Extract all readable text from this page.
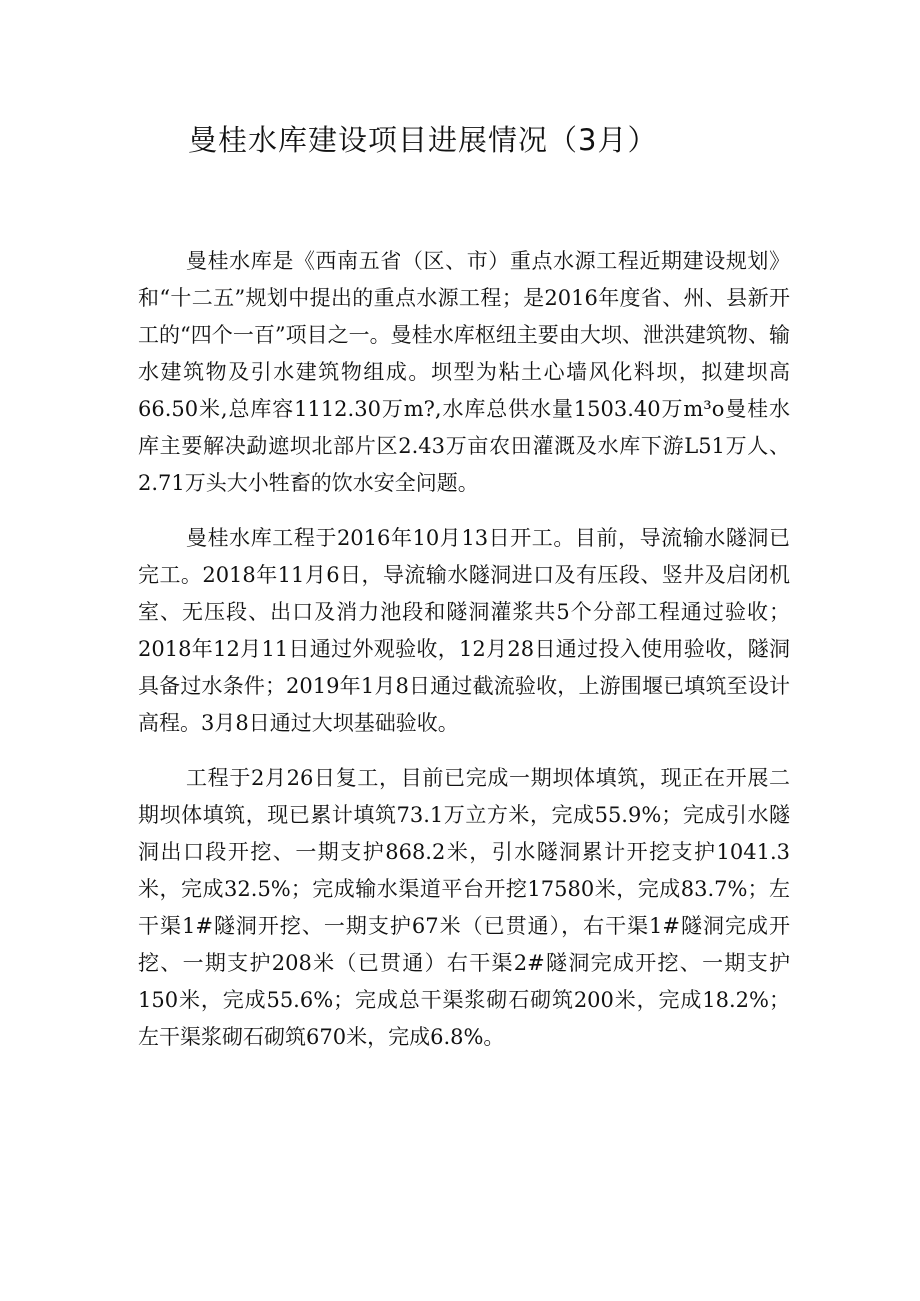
曼桂水库建设项目进展情况（3月）

曼桂水库是《西南五省（区、市）重点水源工程近期建设规划》和“十二五”规划中提出的重点水源工程；是2016年度省、州、县新开工的“四个一百”项目之一。曼桂水库枢纽主要由大坝、泄洪建筑物、输水建筑物及引水建筑物组成。坝型为粘土心墙风化料坝，拟建坝高66.50米,总库容1112.30万m?,水库总供水量1503.40万m³o曼桂水库主要解决勐遮坝北部片区2.43万亩农田灌溉及水库下游L51万人、2.71万头大小牲畜的饮水安全问题。

曼桂水库工程于2016年10月13日开工。目前，导流输水隧洞已完工。2018年11月6日，导流输水隧洞进口及有压段、竖井及启闭机室、无压段、出口及消力池段和隧洞灌浆共5个分部工程通过验收；2018年12月11日通过外观验收，12月28日通过投入使用验收，隧洞具备过水条件；2019年1月8日通过截流验收，上游围堰已填筑至设计高程。3月8日通过大坝基础验收。

工程于2月26日复工，目前已完成一期坝体填筑，现正在开展二期坝体填筑，现已累计填筑73.1万立方米，完成55.9%；完成引水隧洞出口段开挖、一期支护868.2米，引水隧洞累计开挖支护1041.3米，完成32.5%；完成输水渠道平台开挖17580米，完成83.7%；左干渠1#隧洞开挖、一期支护67米（已贯通），右干渠1#隧洞完成开挖、一期支护208米（已贯通）右干渠2#隧洞完成开挖、一期支护150米，完成55.6%；完成总干渠浆砌石砌筑200米，完成18.2%；左干渠浆砌石砌筑670米，完成6.8%。
